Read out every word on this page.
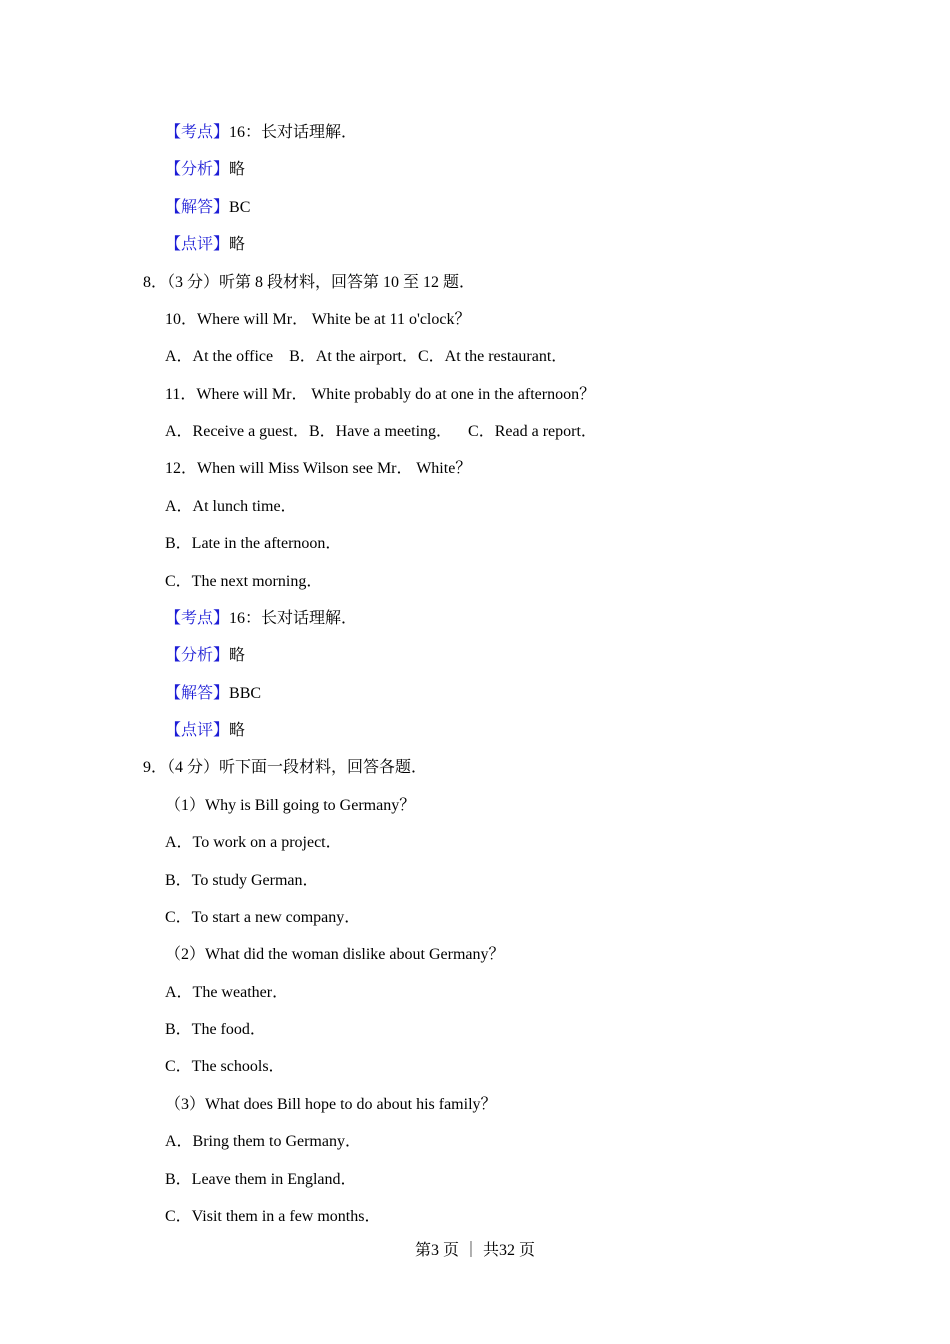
【考点】16：长对话理解．
【分析】略
【解答】BC
【点评】略
8．（3 分）听第 8 段材料，回答第 10 至 12 题．
10．Where will Mr． White be at 11 o'clock？
A．At the office B．At the airport．C．At the restaurant．
11．Where will Mr． White probably do at one in the afternoon？
A．Receive a guest．B．Have a meeting． C．Read a report．
12．When will Miss Wilson see Mr． White？
A．At lunch time．
B．Late in the afternoon．
C．The next morning．
【考点】16：长对话理解．
【分析】略
【解答】BBC
【点评】略
9．（4 分）听下面一段材料，回答各题．
（1）Why is Bill going to Germany？
A．To work on a project．
B．To study German．
C．To start a new company．
（2）What did the woman dislike about Germany？
A．The weather．
B．The food．
C．The schools．
（3）What does Bill hope to do about his family？
A．Bring them to Germany．
B．Leave them in England．
C．Visit them in a few months．
第3 页 ｜ 共32 页
